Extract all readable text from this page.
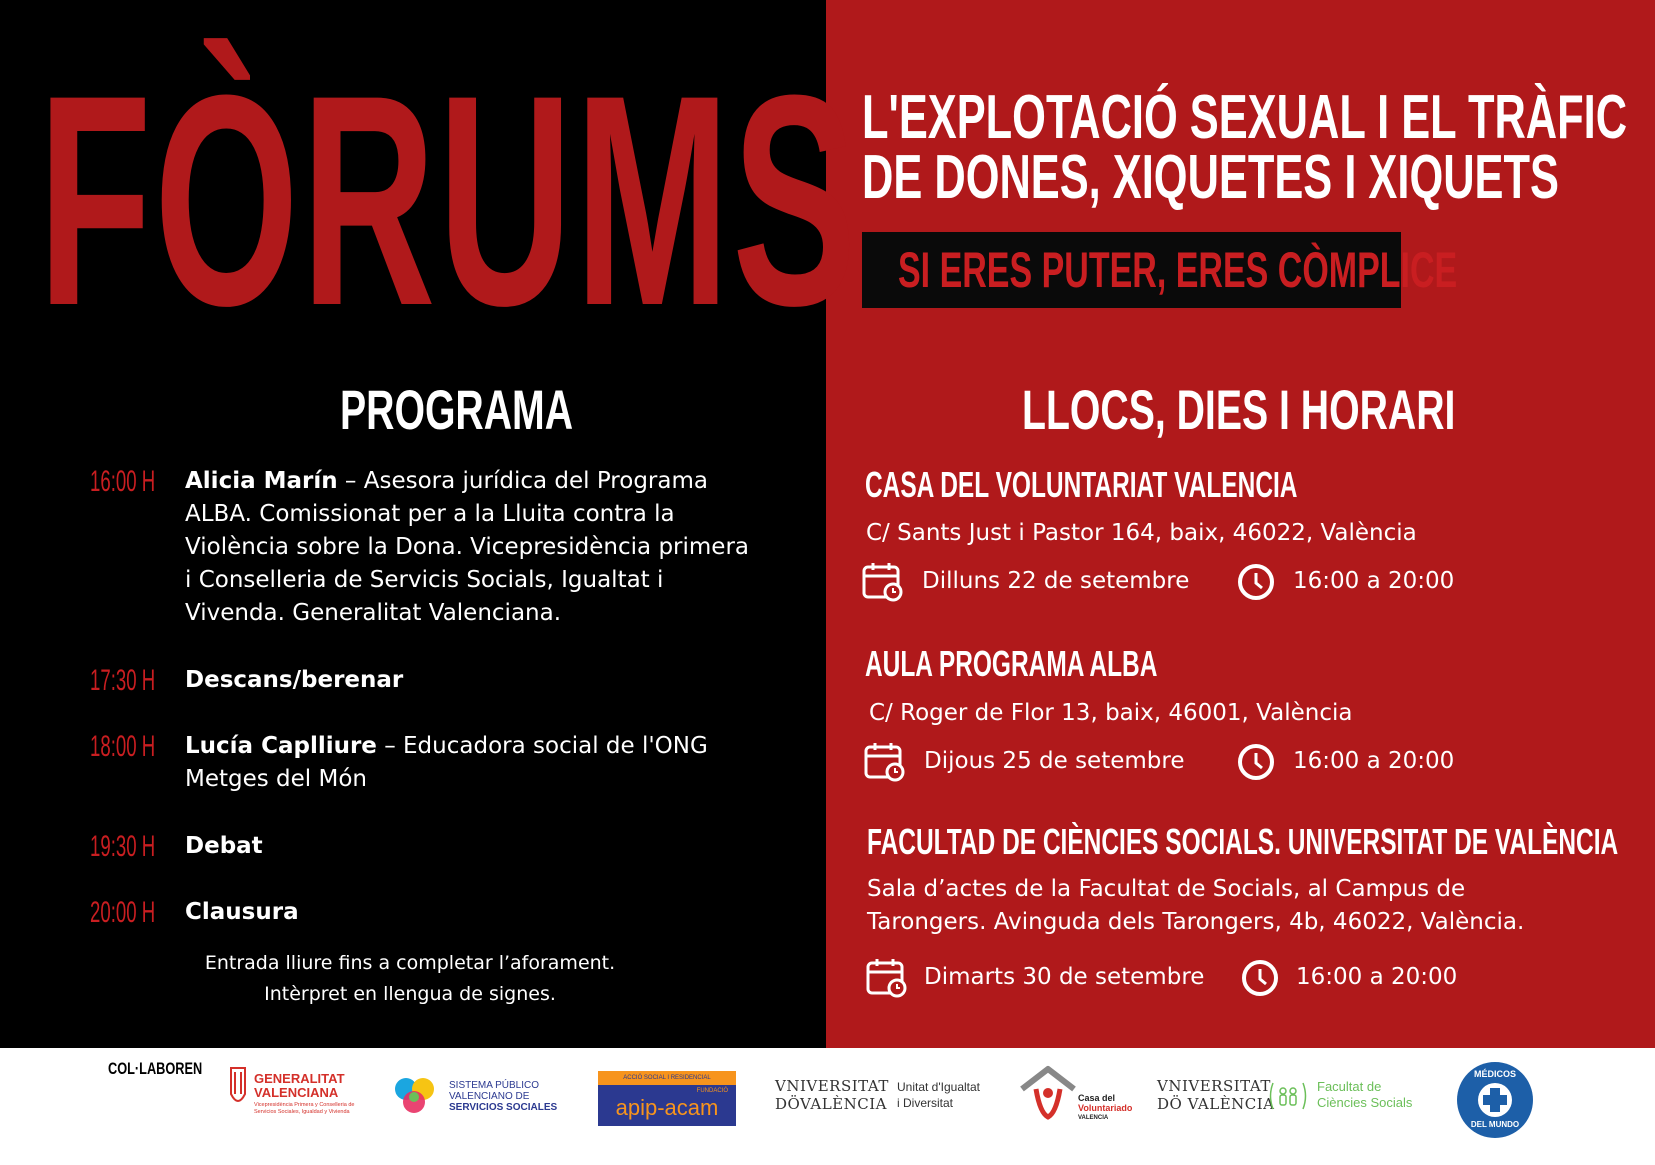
FÒRUMS L'EXPLOTACIÓ SEXUAL I EL TRÀFIC
DE DONES, XIQUETES I XIQUETS
SI ERES PUTER, ERES CÒMPLICE
PROGRAMA
16:00 H Alicia Marín – Asesora jurídica del Programa ALBA. Comissionat per a la Lluita contra la Violència sobre la Dona. Vicepresidència primera i Conselleria de Servicis Socials, Igualtat i Vivenda. Generalitat Valenciana.
17:30 H Descans/berenar
18:00 H Lucía Caplliure – Educadora social de l'ONG Metges del Món
19:30 H Debat
20:00 H Clausura
Entrada lliure fins a completar l’aforament.
Intèrpret en llengua de signes.
LLOCS, DIES I HORARI
CASA DEL VOLUNTARIAT VALENCIA
C/ Sants Just i Pastor 164, baix, 46022, València
Dilluns 22 de setembre	16:00 a 20:00
AULA PROGRAMA ALBA
C/ Roger de Flor 13, baix, 46001, València
Dijous 25 de setembre	16:00 a 20:00
FACULTAD DE CIÈNCIES SOCIALS. UNIVERSITAT DE VALÈNCIA
Sala d’actes de la Facultat de Socials, al Campus de Tarongers. Avinguda dels Tarongers, 4b, 46022, València.
Dimarts 30 de setembre	16:00 a 20:00
COL·LABOREN
GENERALITAT
VALENCIANA
Vicepresidència Primera y Conselleria de Servicios Sociales, Igualdad y Vivienda
SISTEMA PÚBLICO
VALENCIANO DE
SERVICIOS SOCIALES
ACCIÓ SOCIAL I RESIDENCIAL
FUNDACIÓ
apip-acam
VNIVERSITAT
DÖVALÈNCIA
Unitat d'Igualtat
i Diversitat	Casa del
Voluntariado
VALENCIA
VNIVERSITAT
DÖ VALÈNCIA
Facultat de
Ciències Socials
MÉDICOS
DEL MUNDO
